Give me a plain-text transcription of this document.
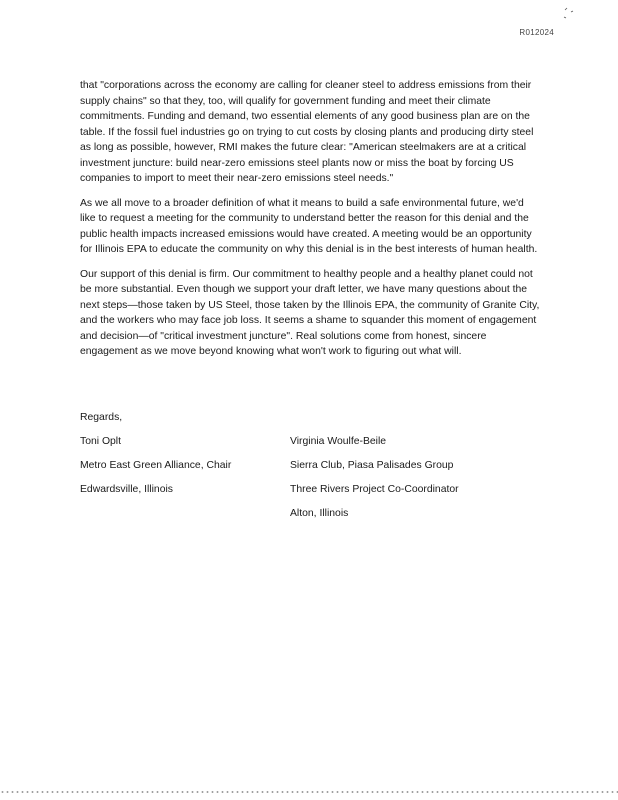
R012024

that "corporations across the economy are calling for cleaner steel to address emissions from their supply chains" so that they, too, will qualify for government funding and meet their climate commitments. Funding and demand, two essential elements of any good business plan are on the table. If the fossil fuel industries go on trying to cut costs by closing plants and producing dirty steel as long as possible, however, RMI makes the future clear: "American steelmakers are at a critical investment juncture: build near-zero emissions steel plants now or miss the boat by forcing US companies to import to meet their near-zero emissions steel needs."

As we all move to a broader definition of what it means to build a safe environmental future, we'd like to request a meeting for the community to understand better the reason for this denial and the public health impacts increased emissions would have created. A meeting would be an opportunity for Illinois EPA to educate the community on why this denial is in the best interests of human health.

Our support of this denial is firm. Our commitment to healthy people and a healthy planet could not be more substantial. Even though we support your draft letter, we have many questions about the next steps—those taken by US Steel, those taken by the Illinois EPA, the community of Granite City, and the workers who may face job loss. It seems a shame to squander this moment of engagement and decision—of "critical investment juncture". Real solutions come from honest, sincere engagement as we move beyond knowing what won't work to figuring out what will.

Regards,
Toni Oplt
Metro East Green Alliance, Chair
Edwardsville, Illinois
Virginia Woulfe-Beile
Sierra Club, Piasa Palisades Group
Three Rivers Project Co-Coordinator
Alton, Illinois
